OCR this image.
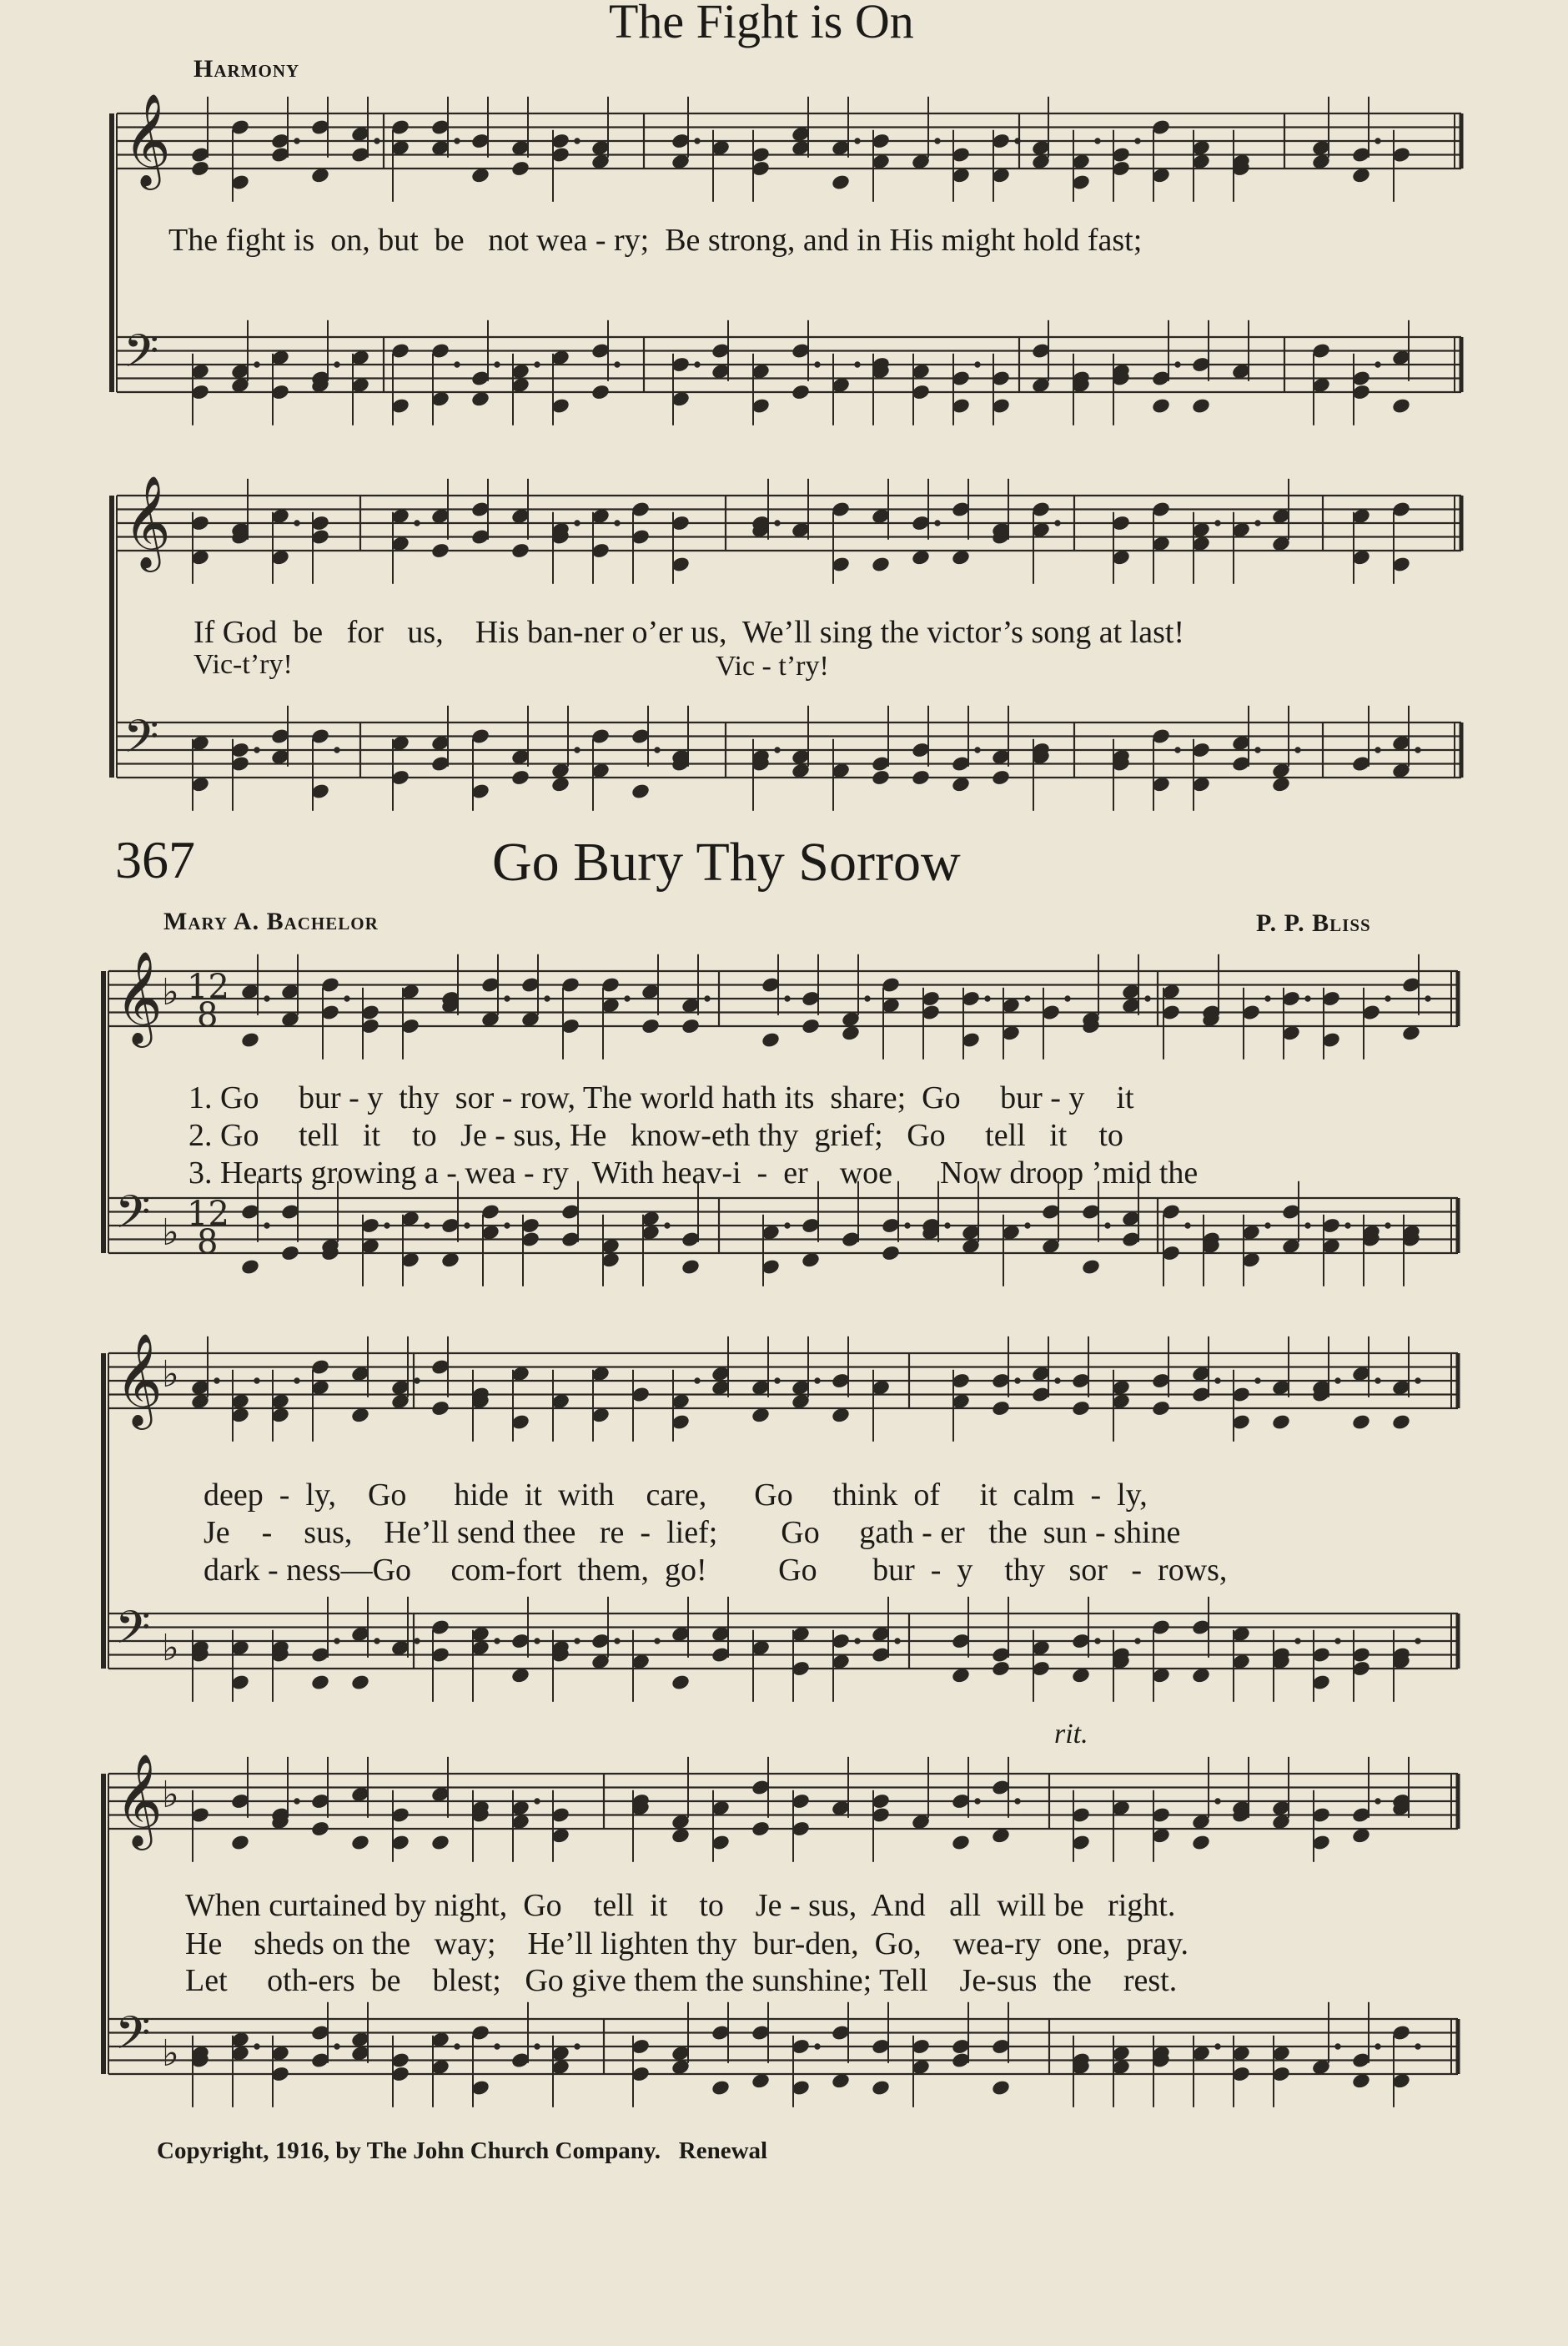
The Fight is On
Harmony
The fight is  on, but  be   not wea - ry;  Be strong, and in His might hold fast;
If God  be   for   us,    His ban-ner o’er us,  We’ll sing the victor’s song at last!
Vic-t’ry!	Vic - t’ry!
367	Go Bury Thy Sorrow
Mary A. Bachelor	P. P. Bliss
1. Go     bur - y  thy  sor - row, The world hath its  share;  Go     bur - y    it
2. Go     tell   it    to   Je - sus, He   know-eth thy  grief;   Go     tell   it    to
3. Hearts growing a - wea - ry   With heav-i  -  er    woe      Now droop ’mid the
deep  -  ly,    Go      hide  it  with    care,      Go     think  of     it  calm  -  ly,
Je    -    sus,    He’ll send thee   re  -  lief;        Go     gath - er   the  sun - shine
dark - ness—Go     com-fort  them,  go!         Go       bur  -  y    thy   sor   -  rows,
rit.
When curtained by night,  Go    tell  it    to    Je - sus,  And   all  will be   right.
He    sheds on the   way;    He’ll lighten thy  bur-den,  Go,    wea-ry  one,  pray.
Let     oth-ers  be    blest;   Go give them the sunshine; Tell    Je-sus  the    rest.
Copyright, 1916, by The John Church Company.   Renewal
𝄞
𝄢
𝄞
𝄢
𝄞 ♭ 12
8
𝄢 ♭ 12
8
𝄞 ♭
𝄢 ♭
𝄞 ♭
𝄢 ♭
